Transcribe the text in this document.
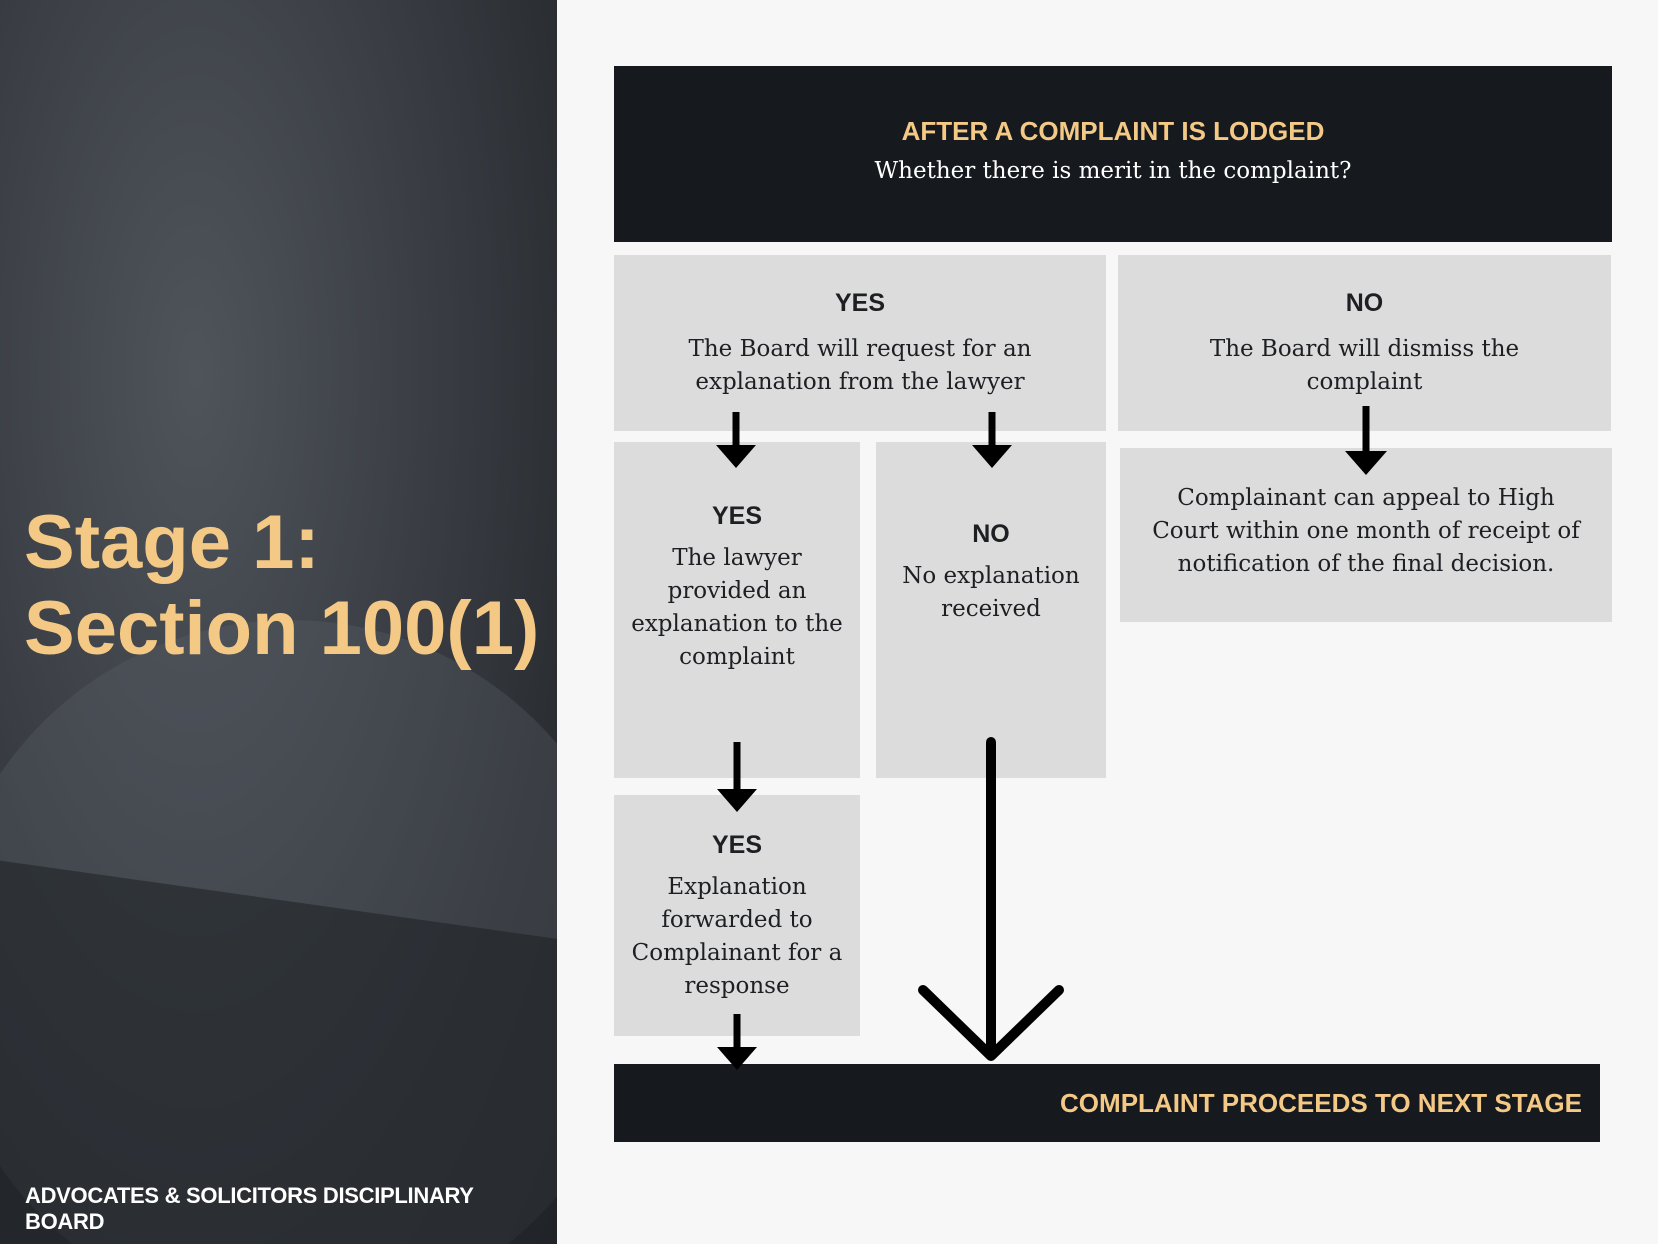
Stage 1:
Section 100(1)
ADVOCATES & SOLICITORS DISCIPLINARY BOARD
AFTER A COMPLAINT IS LODGED
Whether there is merit in the complaint?
YES
The Board will request for an explanation from the lawyer
NO
The Board will dismiss the complaint
YES
The lawyer provided an explanation to the complaint
NO
No explanation received
Complainant can appeal to High Court within one month of receipt of notification of the final decision.
YES
Explanation forwarded to Complainant for a response
COMPLAINT PROCEEDS TO NEXT STAGE
